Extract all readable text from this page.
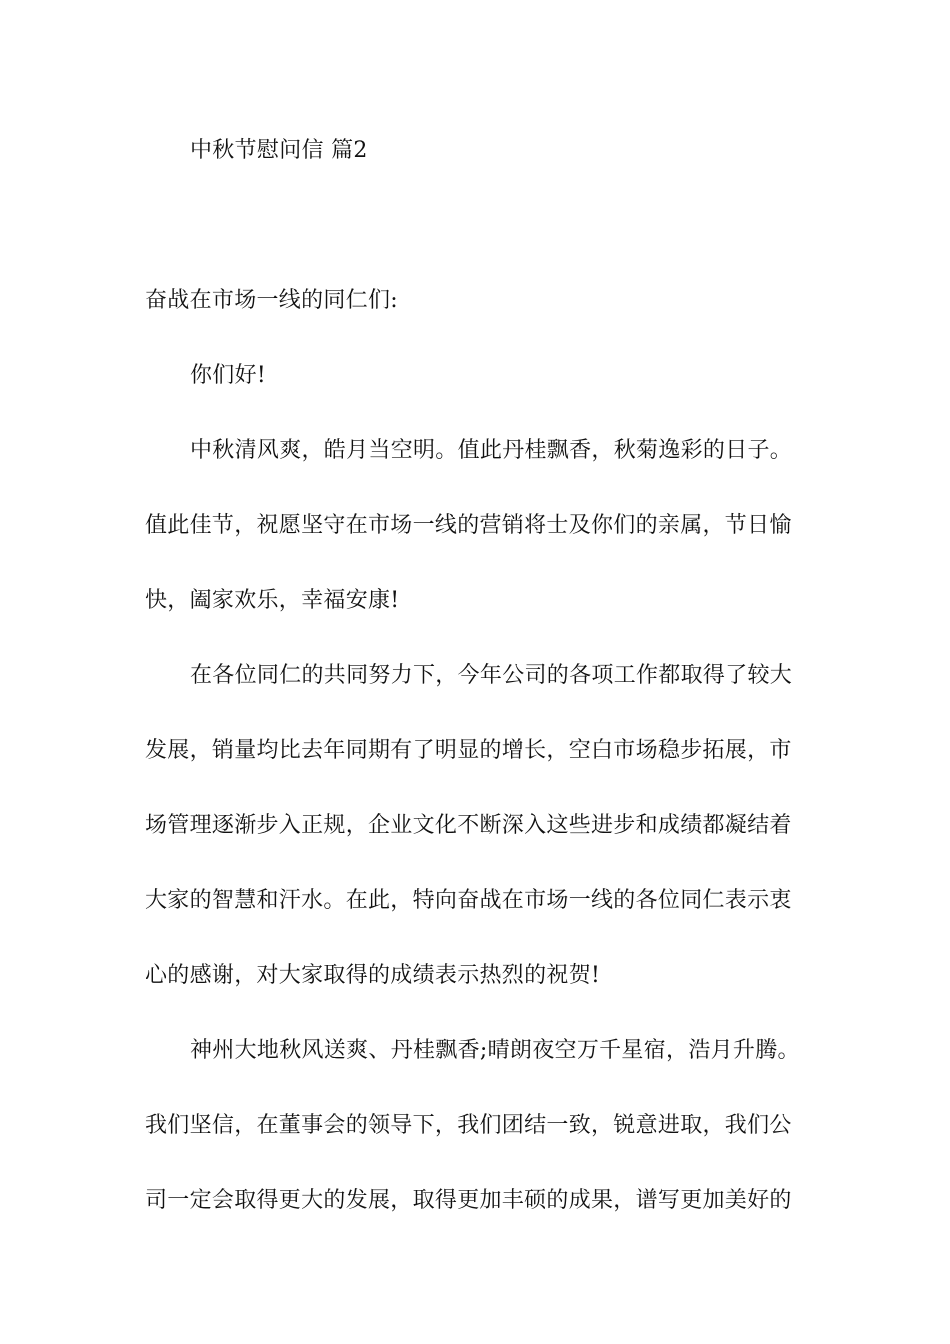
中秋节慰问信 篇2
奋战在市场一线的同仁们:
你们好!
中秋清风爽，皓月当空明。值此丹桂飘香，秋菊逸彩的日子。
值此佳节，祝愿坚守在市场一线的营销将士及你们的亲属，节日愉
快，阖家欢乐，幸福安康!
在各位同仁的共同努力下，今年公司的各项工作都取得了较大
发展，销量均比去年同期有了明显的增长，空白市场稳步拓展，市
场管理逐渐步入正规，企业文化不断深入这些进步和成绩都凝结着
大家的智慧和汗水。在此，特向奋战在市场一线的各位同仁表示衷
心的感谢，对大家取得的成绩表示热烈的祝贺!
神州大地秋风送爽、丹桂飘香;晴朗夜空万千星宿，浩月升腾。
我们坚信，在董事会的领导下，我们团结一致，锐意进取，我们公
司一定会取得更大的发展，取得更加丰硕的成果，谱写更加美好的
